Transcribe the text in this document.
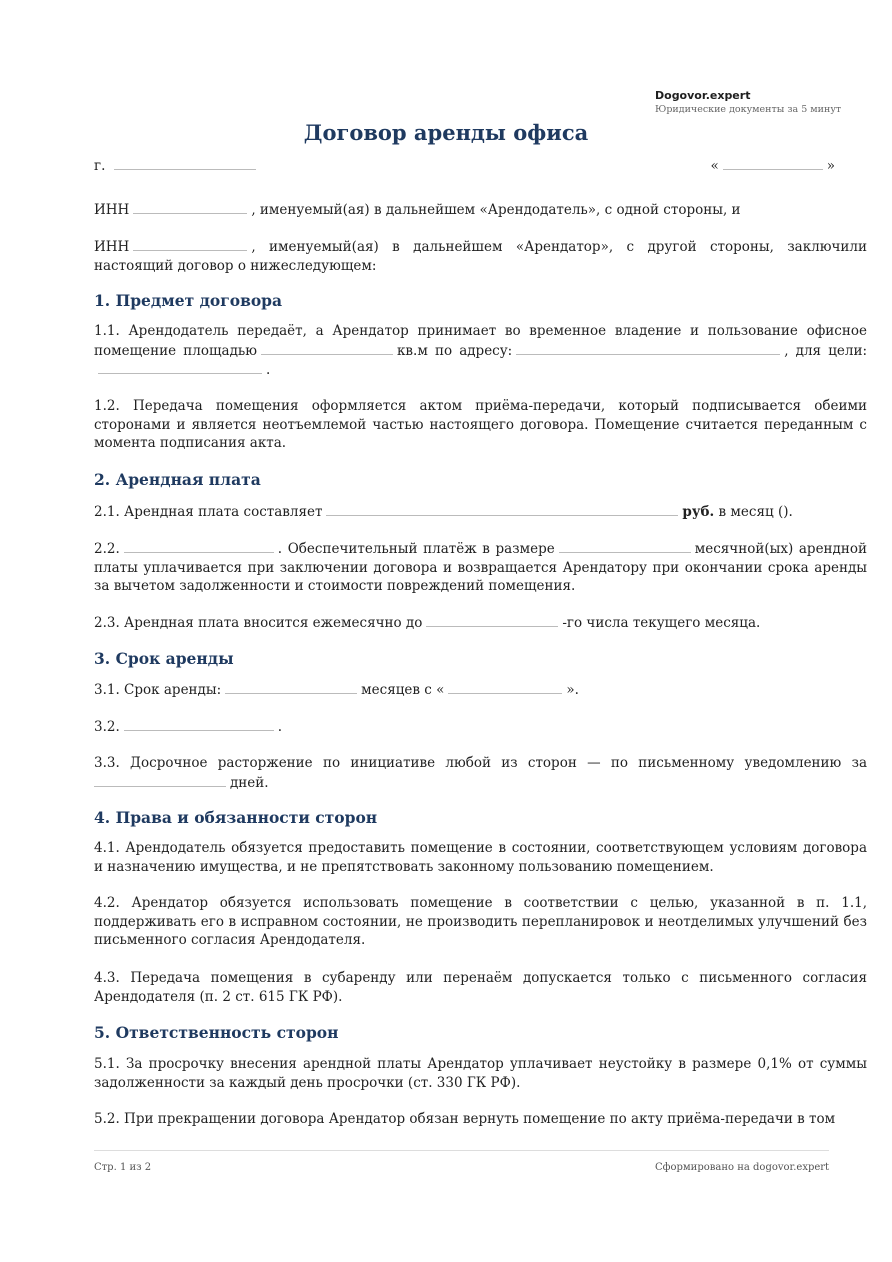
Dogovor.expert
Юридические документы за 5 минут
Договор аренды офиса
г.	«	»

ИНН	, именуемый(ая) в дальнейшем «Арендодатель», с одной стороны, и

ИНН	, именуемый(ая) в дальнейшем «Арендатор», с другой стороны, заключили настоящий договор о нижеследующем:

1. Предмет договора

1.1. Арендодатель передаёт, а Арендатор принимает во временное владение и пользование офисное помещение площадью	кв.м по адресу:	, для цели:.

1.2. Передача помещения оформляется актом приёма-передачи, который подписывается обеими сторонами и является неотъемлемой частью настоящего договора. Помещение считается переданным с момента подписания акта.

2. Арендная плата

2.1. Арендная плата составляет	руб. в месяц ().

2.2.	. Обеспечительный платёж в размере	месячной(ых) арендной платы уплачивается при заключении договора и возвращается Арендатору при окончании срока аренды за вычетом задолженности и стоимости повреждений помещения.

2.3. Арендная плата вносится ежемесячно до	-го числа текущего месяца.

3. Срок аренды

3.1. Срок аренды:	месяцев с «	».

3.2.	.

3.3. Досрочное расторжение по инициативе любой из сторон — по письменному уведомлению за дней.

4. Права и обязанности сторон

4.1. Арендодатель обязуется предоставить помещение в состоянии, соответствующем условиям договора и назначению имущества, и не препятствовать законному пользованию помещением.

4.2. Арендатор обязуется использовать помещение в соответствии с целью, указанной в п. 1.1, поддерживать его в исправном состоянии, не производить перепланировок и неотделимых улучшений без письменного согласия Арендодателя.

4.3. Передача помещения в субаренду или перенаём допускается только с письменного согласия Арендодателя (п. 2 ст. 615 ГК РФ).

5. Ответственность сторон

5.1. За просрочку внесения арендной платы Арендатор уплачивает неустойку в размере 0,1% от суммы задолженности за каждый день просрочки (ст. 330 ГК РФ).

5.2. При прекращении договора Арендатор обязан вернуть помещение по акту приёма-передачи в том

Стр. 1 из 2	Сформировано на dogovor.expert
